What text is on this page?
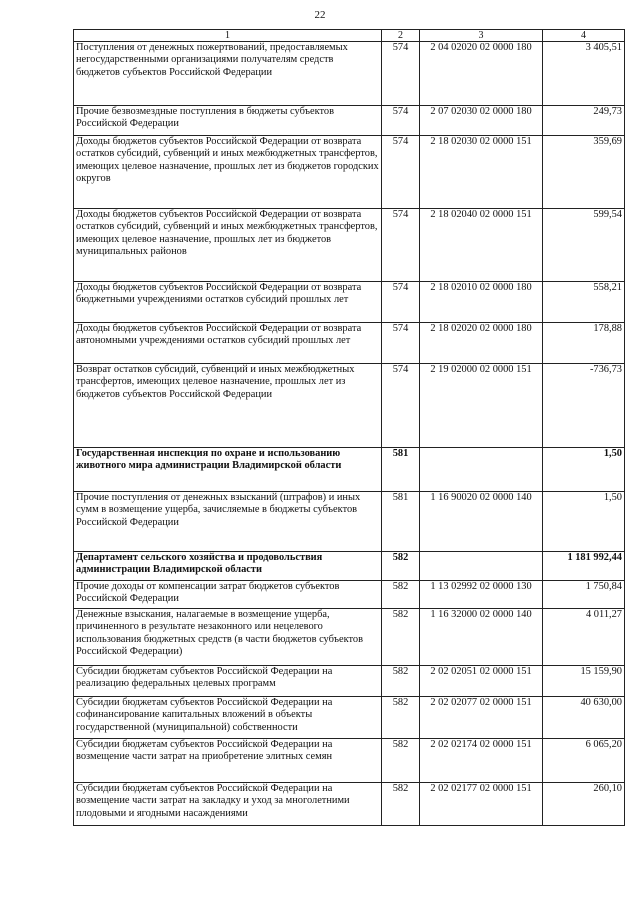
22
1	2	3	4
Поступления от денежных пожертвований, предоставляемых негосударственными организациями получателям средств бюджетов субъектов Российской Федерации	574	2 04 02020 02 0000 180	3 405,51
Прочие безвозмездные поступления в бюджеты субъектов Российской Федерации	574	2 07 02030 02 0000 180	249,73
Доходы бюджетов субъектов Российской Федерации от возврата остатков субсидий, субвенций и иных межбюджетных трансфертов, имеющих целевое назначение, прошлых лет из бюджетов городских округов	574	2 18 02030 02 0000 151	359,69
Доходы бюджетов субъектов Российской Федерации от возврата остатков субсидий, субвенций и иных межбюджетных трансфертов, имеющих целевое назначение, прошлых лет из бюджетов муниципальных районов	574	2 18 02040 02 0000 151	599,54
Доходы бюджетов субъектов Российской Федерации от возврата бюджетными учреждениями остатков субсидий прошлых лет	574	2 18 02010 02 0000 180	558,21
Доходы бюджетов субъектов Российской Федерации от возврата автономными учреждениями остатков субсидий прошлых лет	574	2 18 02020 02 0000 180	178,88
Возврат остатков субсидий, субвенций и иных межбюджетных трансфертов, имеющих целевое назначение, прошлых лет из бюджетов субъектов Российской Федерации	574	2 19 02000 02 0000 151	-736,73
Государственная инспекция по охране и использованию животного мира администрации Владимирской области	581		1,50
Прочие поступления от денежных взысканий (штрафов) и иных сумм в возмещение ущерба, зачисляемые в бюджеты субъектов Российской Федерации	581	1 16 90020 02 0000 140	1,50
Департамент сельского хозяйства и продовольствия администрации Владимирской области	582		1 181 992,44
Прочие доходы от компенсации затрат бюджетов субъектов Российской Федерации	582	1 13 02992 02 0000 130	1 750,84
Денежные взыскания, налагаемые в возмещение ущерба, причиненного в результате незаконного или нецелевого использования бюджетных средств (в части бюджетов субъектов Российской Федерации)	582	1 16 32000 02 0000 140	4 011,27
Субсидии бюджетам субъектов Российской Федерации на реализацию федеральных целевых программ	582	2 02 02051 02 0000 151	15 159,90
Субсидии бюджетам субъектов Российской Федерации на софинансирование капитальных вложений в объекты государственной (муниципальной) собственности	582	2 02 02077 02 0000 151	40 630,00
Субсидии бюджетам субъектов Российской Федерации на возмещение части затрат на приобретение элитных семян	582	2 02 02174 02 0000 151	6 065,20
Субсидии бюджетам субъектов Российской Федерации на возмещение части затрат на закладку и уход за многолетними плодовыми и ягодными насаждениями	582	2 02 02177 02 0000 151	260,10
